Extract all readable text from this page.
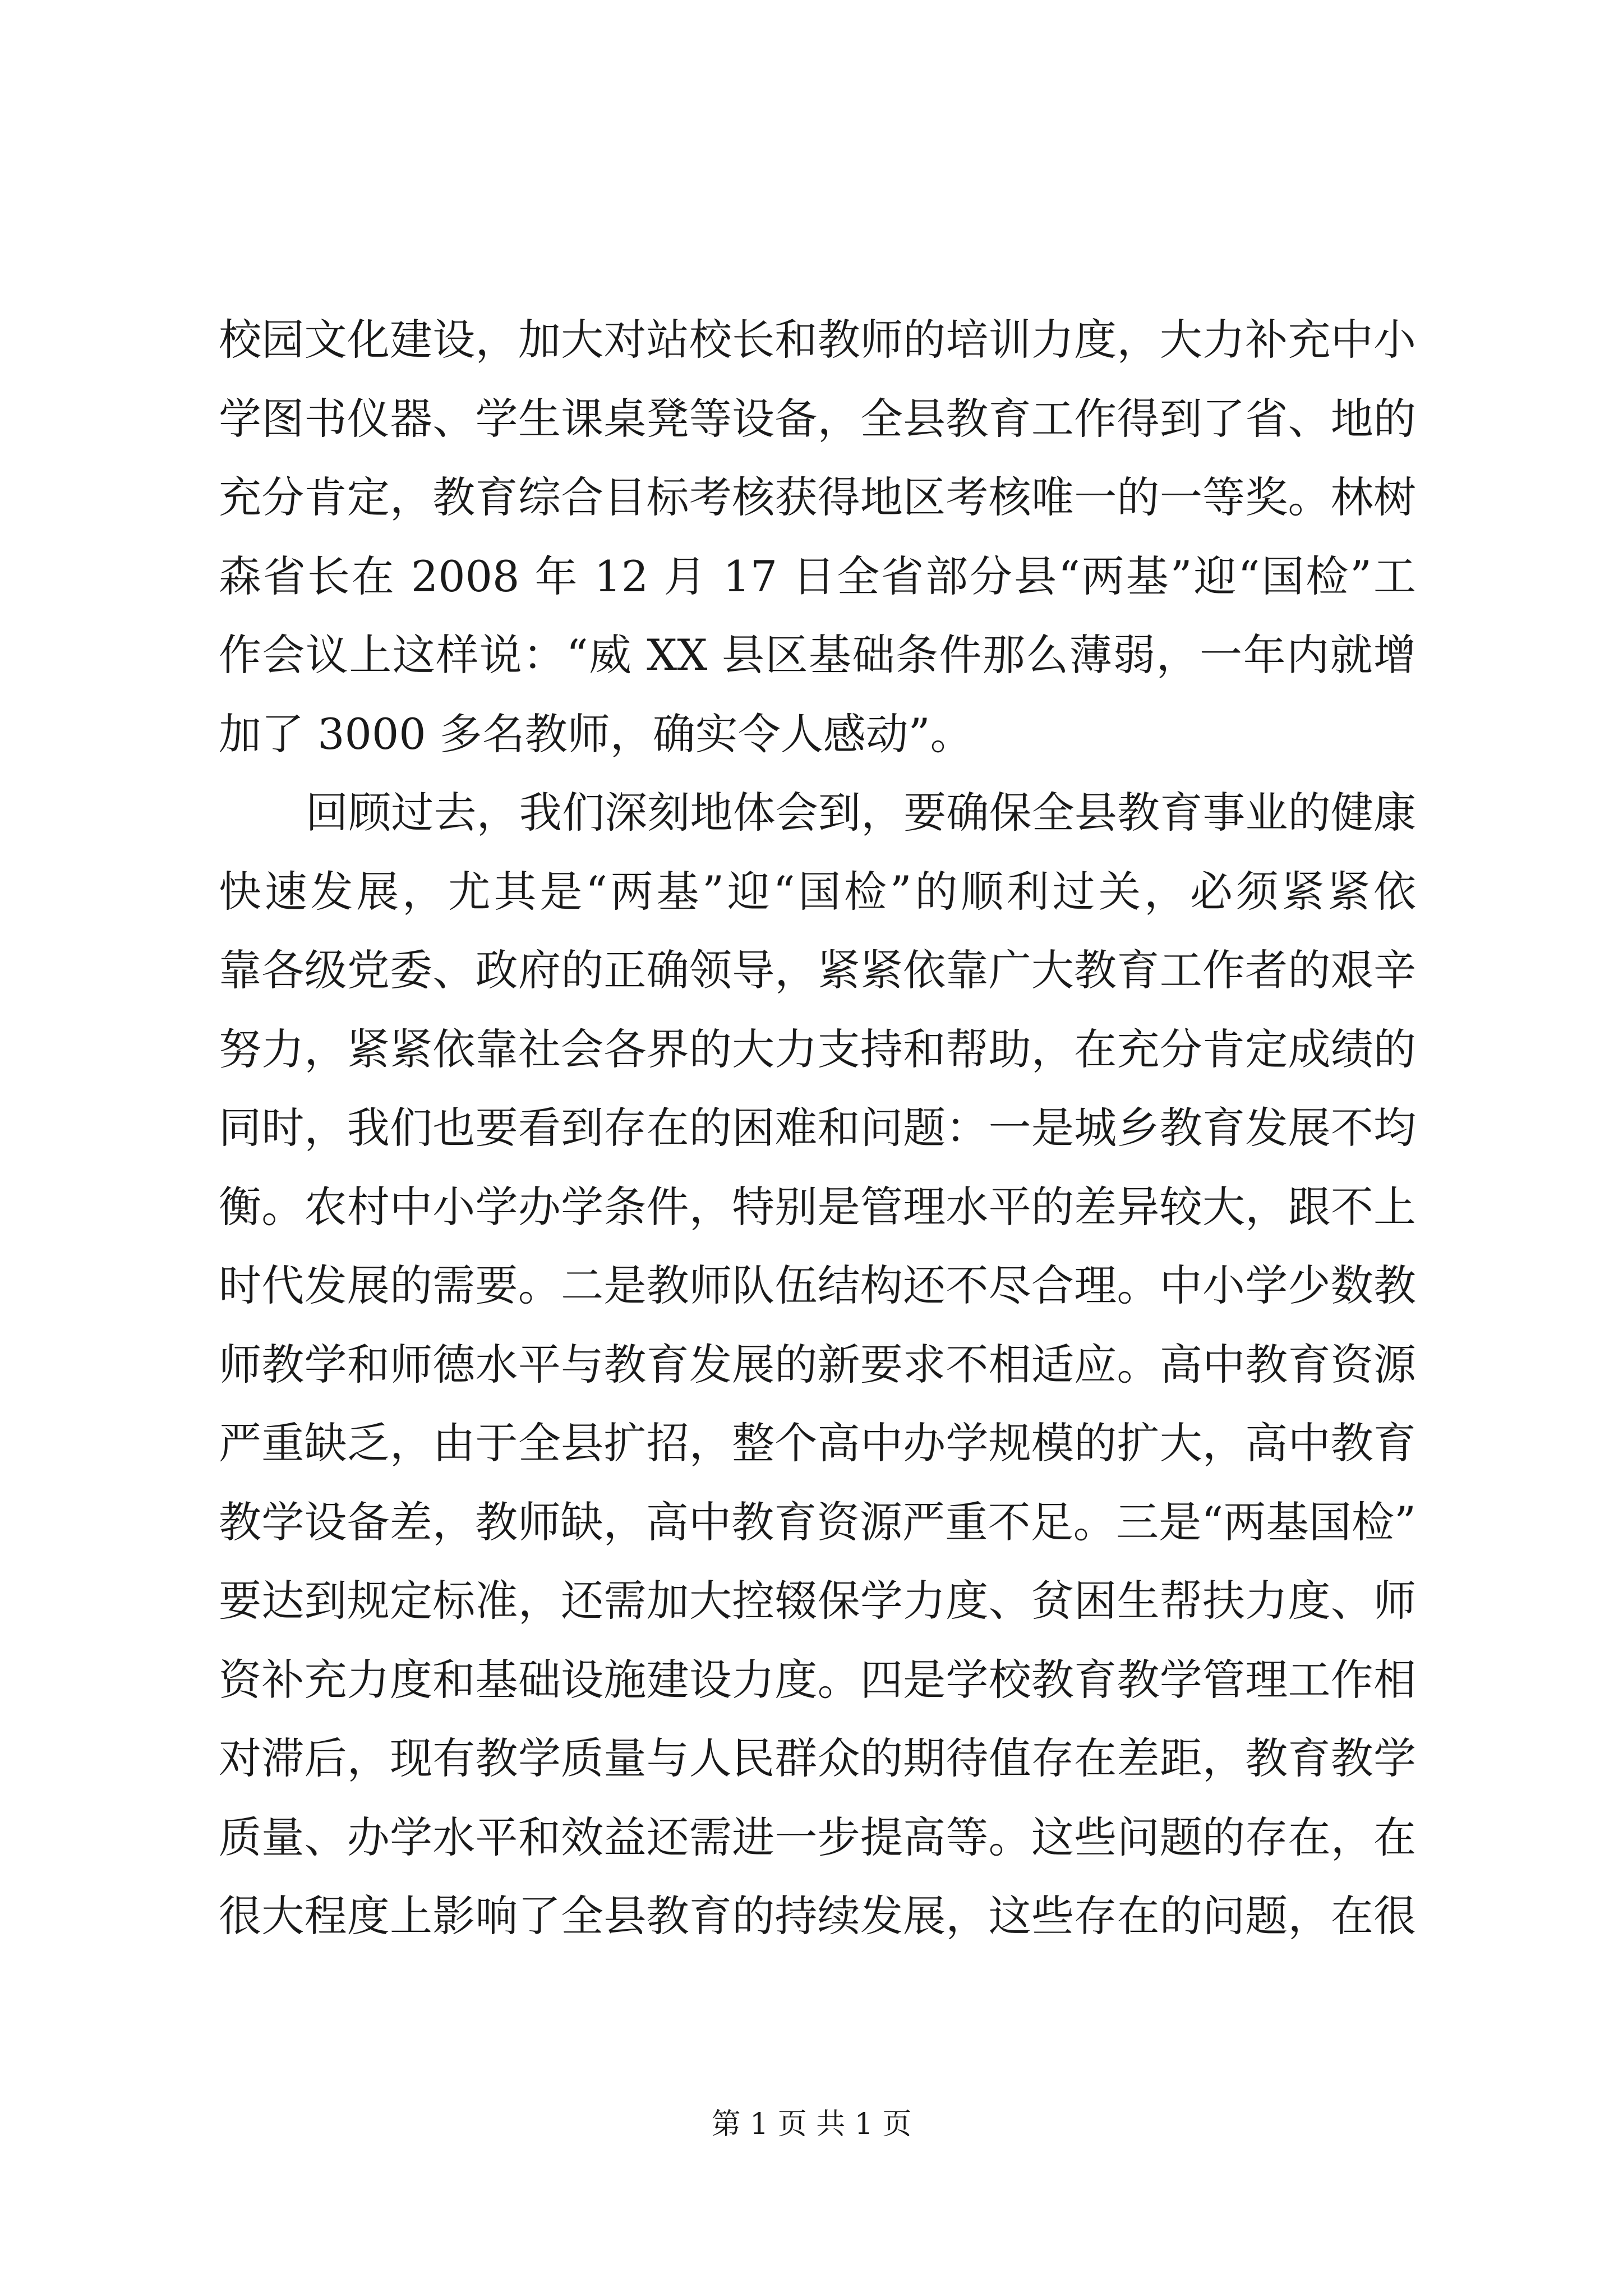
校园文化建设，加大对站校长和教师的培训力度，大力补充中小
学图书仪器、学生课桌凳等设备，全县教育工作得到了省、地的
充分肯定，教育综合目标考核获得地区考核唯一的一等奖。林树
森省长在 2008 年 12 月 17 日全省部分县“两基”迎“国检”工
作会议上这样说：“威 XX 县区基础条件那么薄弱，一年内就增
加了 3000 多名教师，确实令人感动”。
回顾过去，我们深刻地体会到，要确保全县教育事业的健康
快速发展，尤其是“两基”迎“国检”的顺利过关，必须紧紧依
靠各级党委、政府的正确领导，紧紧依靠广大教育工作者的艰辛
努力，紧紧依靠社会各界的大力支持和帮助，在充分肯定成绩的
同时，我们也要看到存在的困难和问题：一是城乡教育发展不均
衡。农村中小学办学条件，特别是管理水平的差异较大，跟不上
时代发展的需要。二是教师队伍结构还不尽合理。中小学少数教
师教学和师德水平与教育发展的新要求不相适应。高中教育资源
严重缺乏，由于全县扩招，整个高中办学规模的扩大，高中教育
教学设备差，教师缺，高中教育资源严重不足。三是“两基国检”
要达到规定标准，还需加大控辍保学力度、贫困生帮扶力度、师
资补充力度和基础设施建设力度。四是学校教育教学管理工作相
对滞后，现有教学质量与人民群众的期待值存在差距，教育教学
质量、办学水平和效益还需进一步提高等。这些问题的存在，在
很大程度上影响了全县教育的持续发展，这些存在的问题，在很
第 1 页 共 1 页
